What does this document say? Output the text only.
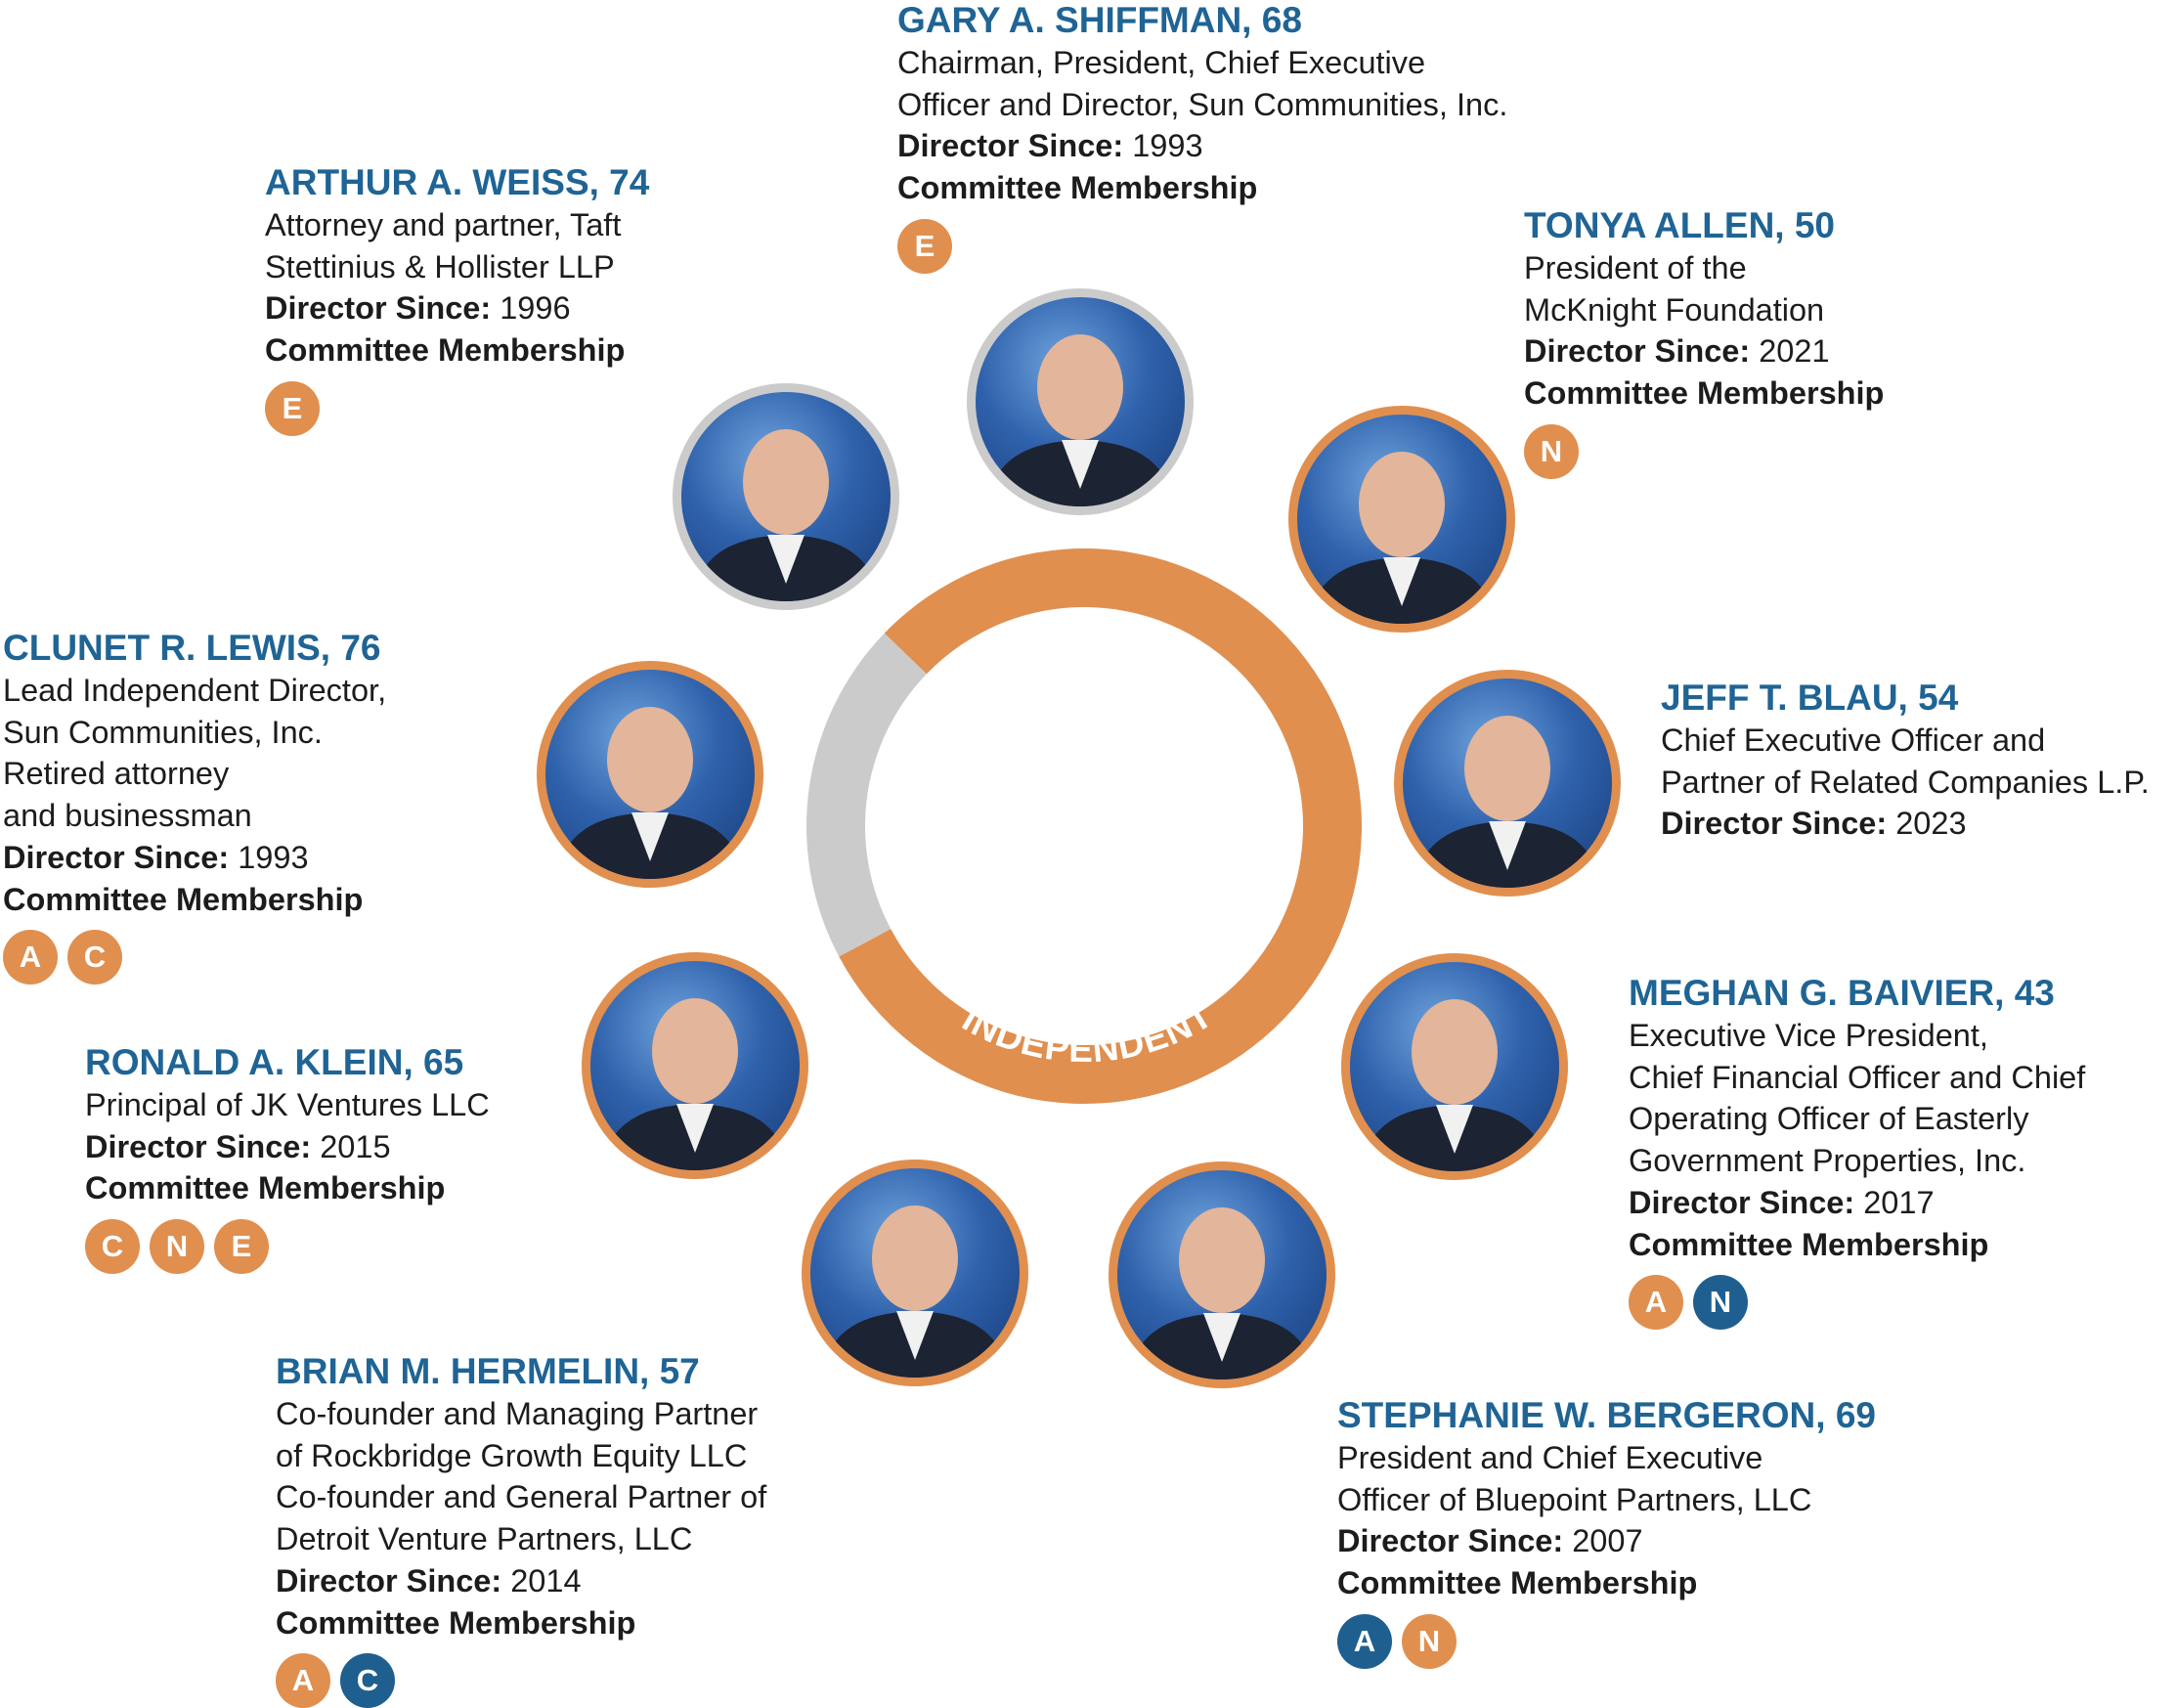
INDEPENDENT
GARY A. SHIFFMAN, 68
Chairman, President, Chief Executive
Officer and Director, Sun Communities, Inc.
Director Since: 1993
Committee Membership
E
ARTHUR A. WEISS, 74
Attorney and partner, Taft
Stettinius & Hollister LLP
Director Since: 1996
Committee Membership
E
TONYA ALLEN, 50
President of the
McKnight Foundation
Director Since: 2021
Committee Membership
N
CLUNET R. LEWIS, 76
Lead Independent Director,
Sun Communities, Inc.
Retired attorney
and businessman
Director Since: 1993
Committee Membership
A C
JEFF T. BLAU, 54
Chief Executive Officer and
Partner of Related Companies L.P.
Director Since: 2023
MEGHAN G. BAIVIER, 43
Executive Vice President,
Chief Financial Officer and Chief
Operating Officer of Easterly
Government Properties, Inc.
Director Since: 2017
Committee Membership
A N
RONALD A. KLEIN, 65
Principal of JK Ventures LLC
Director Since: 2015
Committee Membership
C N E
BRIAN M. HERMELIN, 57
Co-founder and Managing Partner
of Rockbridge Growth Equity LLC
Co-founder and General Partner of
Detroit Venture Partners, LLC
Director Since: 2014
Committee Membership
A C
STEPHANIE W. BERGERON, 69
President and Chief Executive
Officer of Bluepoint Partners, LLC
Director Since: 2007
Committee Membership
A N
